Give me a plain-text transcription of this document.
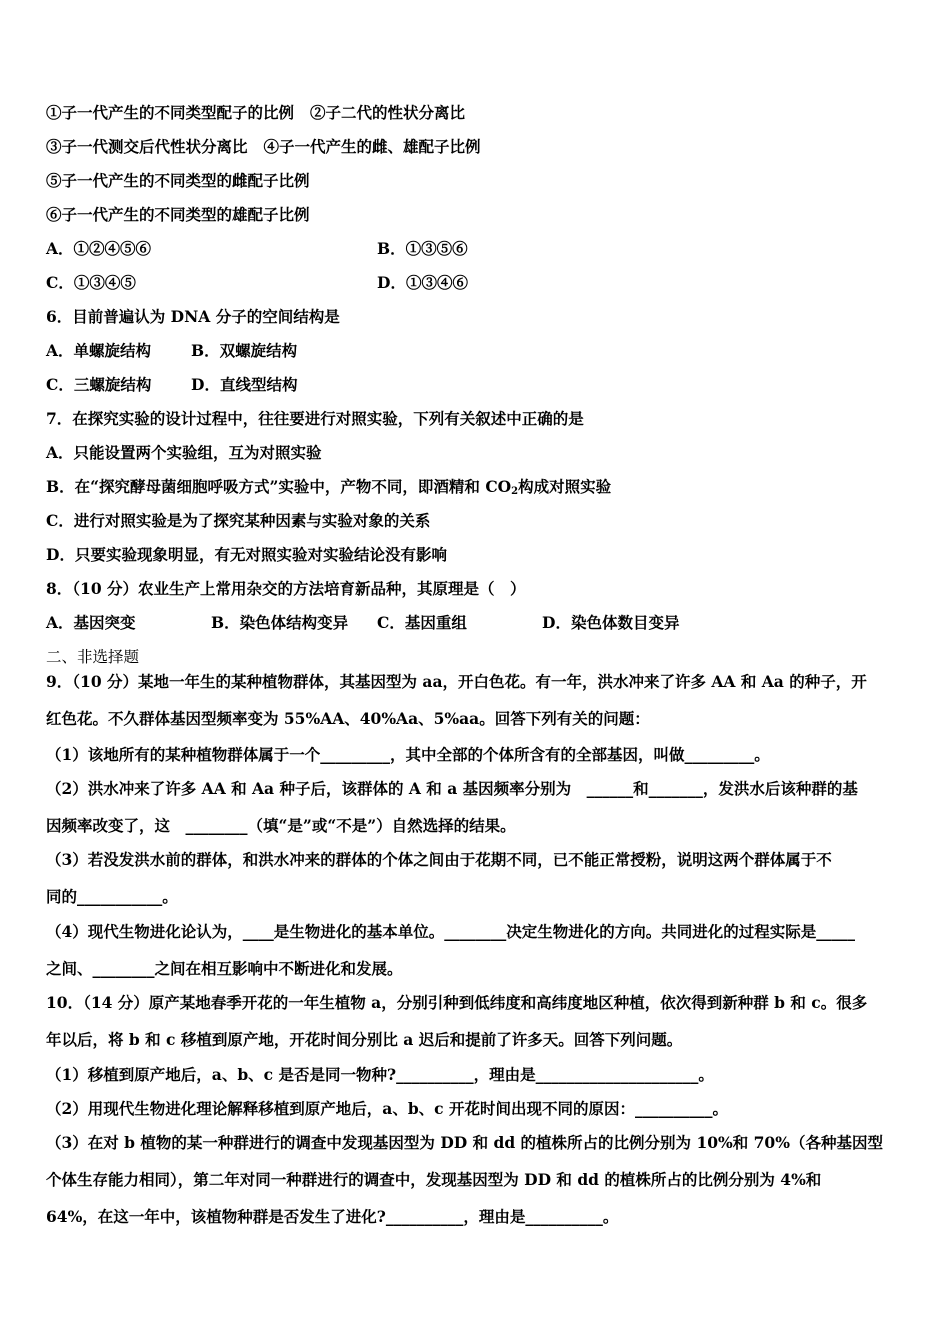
①子一代产生的不同类型配子的比例 ②子二代的性状分离比
③子一代测交后代性状分离比 ④子一代产生的雌、雄配子比例
⑤子一代产生的不同类型的雌配子比例
⑥子一代产生的不同类型的雄配子比例
A．①②④⑤⑥	B．①③⑤⑥
C．①③④⑤	D．①③④⑥
6．目前普遍认为 DNA 分子的空间结构是
A．单螺旋结构	B．双螺旋结构
C．三螺旋结构	D．直线型结构
7．在探究实验的设计过程中，往往要进行对照实验，下列有关叙述中正确的是
A．只能设置两个实验组，互为对照实验
B．在“探究酵母菌细胞呼吸方式”实验中，产物不同，即酒精和 $CO_2$构成对照实验
C．进行对照实验是为了探究某种因素与实验对象的关系
D．只要实验现象明显，有无对照实验对实验结论没有影响
8．（10 分）农业生产上常用杂交的方法培育新品种，其原理是（　）
A．基因突变	B．染色体结构变异 C．基因重组	D．染色体数目变异
二、非选择题
9．（10 分）某地一年生的某种植物群体，其基因型为 aa，开白色花。有一年，洪水冲来了许多 AA 和 Aa 的种子，开
红色花。不久群体基因型频率变为 55%AA、40%Aa、5%aa。回答下列有关的问题：
（1）该地所有的某种植物群体属于一个_________，其中全部的个体所含有的全部基因，叫做_________。
（2）洪水冲来了许多 AA 和 Aa 种子后，该群体的 A 和 a 基因频率分别为　______和_______，发洪水后该种群的基
因频率改变了，这　________（填“是”或“不是”）自然选择的结果。
（3）若没发洪水前的群体，和洪水冲来的群体的个体之间由于花期不同，已不能正常授粉，说明这两个群体属于不
同的___________。
（4）现代生物进化论认为，____是生物进化的基本单位。________决定生物进化的方向。共同进化的过程实际是_____
之间、________之间在相互影响中不断进化和发展。
10．（14 分）原产某地春季开花的一年生植物 a，分别引种到低纬度和高纬度地区种植，依次得到新种群 b 和 c。很多
年以后，将 b 和 c 移植到原产地，开花时间分别比 a 迟后和提前了许多天。回答下列问题。
（1）移植到原产地后，a、b、c 是否是同一物种?__________，理由是_____________________。
（2）用现代生物进化理论解释移植到原产地后，a、b、c 开花时间出现不同的原因：__________。
（3）在对 b 植物的某一种群进行的调查中发现基因型为 DD 和 dd 的植株所占的比例分别为 10%和 70%（各种基因型
个体生存能力相同），第二年对同一种群进行的调查中，发现基因型为 DD 和 dd 的植株所占的比例分别为 4%和
64%，在这一年中，该植物种群是否发生了进化?__________，理由是__________。
